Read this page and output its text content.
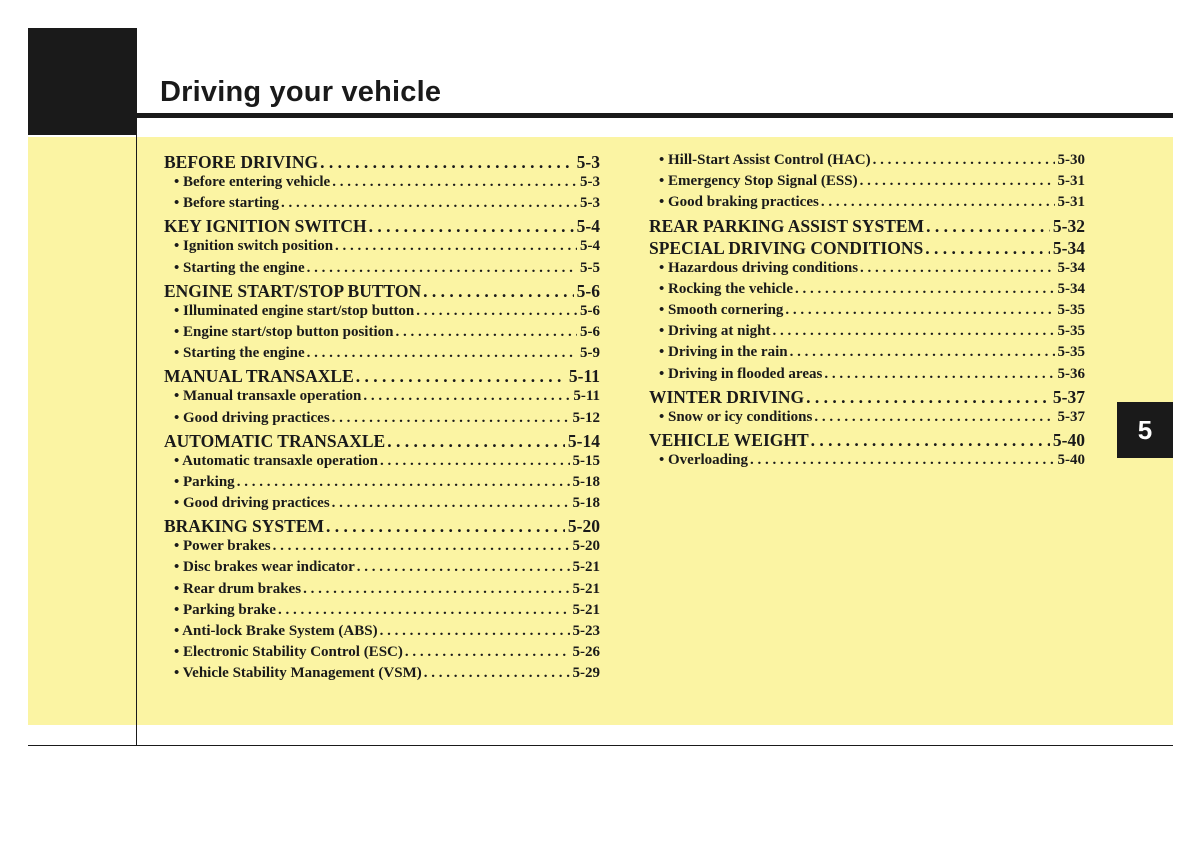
Driving your vehicle
5
BEFORE DRIVING . . .	5-3
• Before entering vehicle . . .	5-3
• Before starting . . .	5-3
KEY IGNITION SWITCH . . .	5-4
• Ignition switch position . . .	5-4
• Starting the engine . . .	5-5
ENGINE START/STOP BUTTON . . .	5-6
• Illuminated engine start/stop button . . .	5-6
• Engine start/stop button position . . .	5-6
• Starting the engine . . .	5-9
MANUAL TRANSAXLE . . .	5-11
• Manual transaxle operation . . .	5-11
• Good driving practices . . .	5-12
AUTOMATIC TRANSAXLE . . .	5-14
• Automatic transaxle operation . . .	5-15
• Parking . . .	5-18
• Good driving practices . . .	5-18
BRAKING SYSTEM . . .	5-20
• Power brakes . . .	5-20
• Disc brakes wear indicator . . .	5-21
• Rear drum brakes . . .	5-21
• Parking brake . . .	5-21
• Anti-lock Brake System (ABS) . . .	5-23
• Electronic Stability Control (ESC) . . .	5-26
• Vehicle Stability Management (VSM) . . .	5-29
• Hill-Start Assist Control (HAC) . . .	5-30
• Emergency Stop Signal (ESS) . . .	5-31
• Good braking practices . . .	5-31
REAR PARKING ASSIST SYSTEM . . .	5-32
SPECIAL DRIVING CONDITIONS . . .	5-34
• Hazardous driving conditions . . .	5-34
• Rocking the vehicle . . .	5-34
• Smooth cornering . . .	5-35
• Driving at night . . .	5-35
• Driving in the rain . . .	5-35
• Driving in flooded areas . . .	5-36
WINTER DRIVING . . .	5-37
• Snow or icy conditions . . .	5-37
VEHICLE WEIGHT . . .	5-40
• Overloading . . .	5-40
